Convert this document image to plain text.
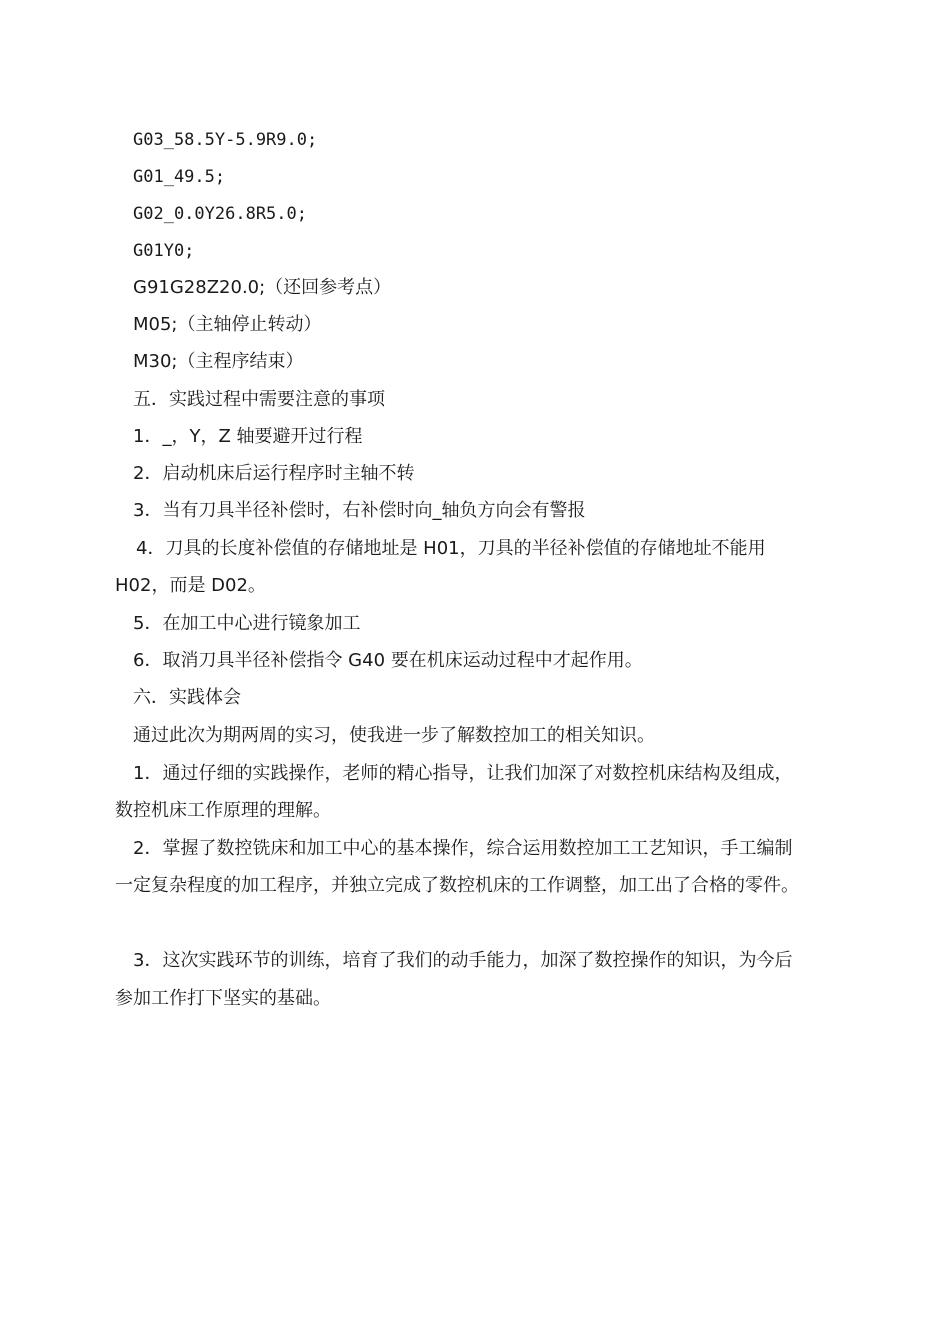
G03_58.5Y-5.9R9.0;
G01_49.5;
G02_0.0Y26.8R5.0;
G01Y0;
G91G28Z20.0;（还回参考点）
M05;（主轴停止转动）
M30;（主程序结束）
五．实践过程中需要注意的事项
1．_，Y，Z 轴要避开过行程
2．启动机床后运行程序时主轴不转
3．当有刀具半径补偿时，右补偿时向_轴负方向会有警报
4．刀具的长度补偿值的存储地址是 H01，刀具的半径补偿值的存储地址不能用
H02，而是 D02。
5．在加工中心进行镜象加工
6．取消刀具半径补偿指令 G40 要在机床运动过程中才起作用。
六．实践体会
通过此次为期两周的实习，使我进一步了解数控加工的相关知识。
1．通过仔细的实践操作，老师的精心指导，让我们加深了对数控机床结构及组成，
数控机床工作原理的理解。
2．掌握了数控铣床和加工中心的基本操作，综合运用数控加工工艺知识，手工编制
一定复杂程度的加工程序，并独立完成了数控机床的工作调整，加工出了合格的零件。
3．这次实践环节的训练，培育了我们的动手能力，加深了数控操作的知识，为今后
参加工作打下坚实的基础。
